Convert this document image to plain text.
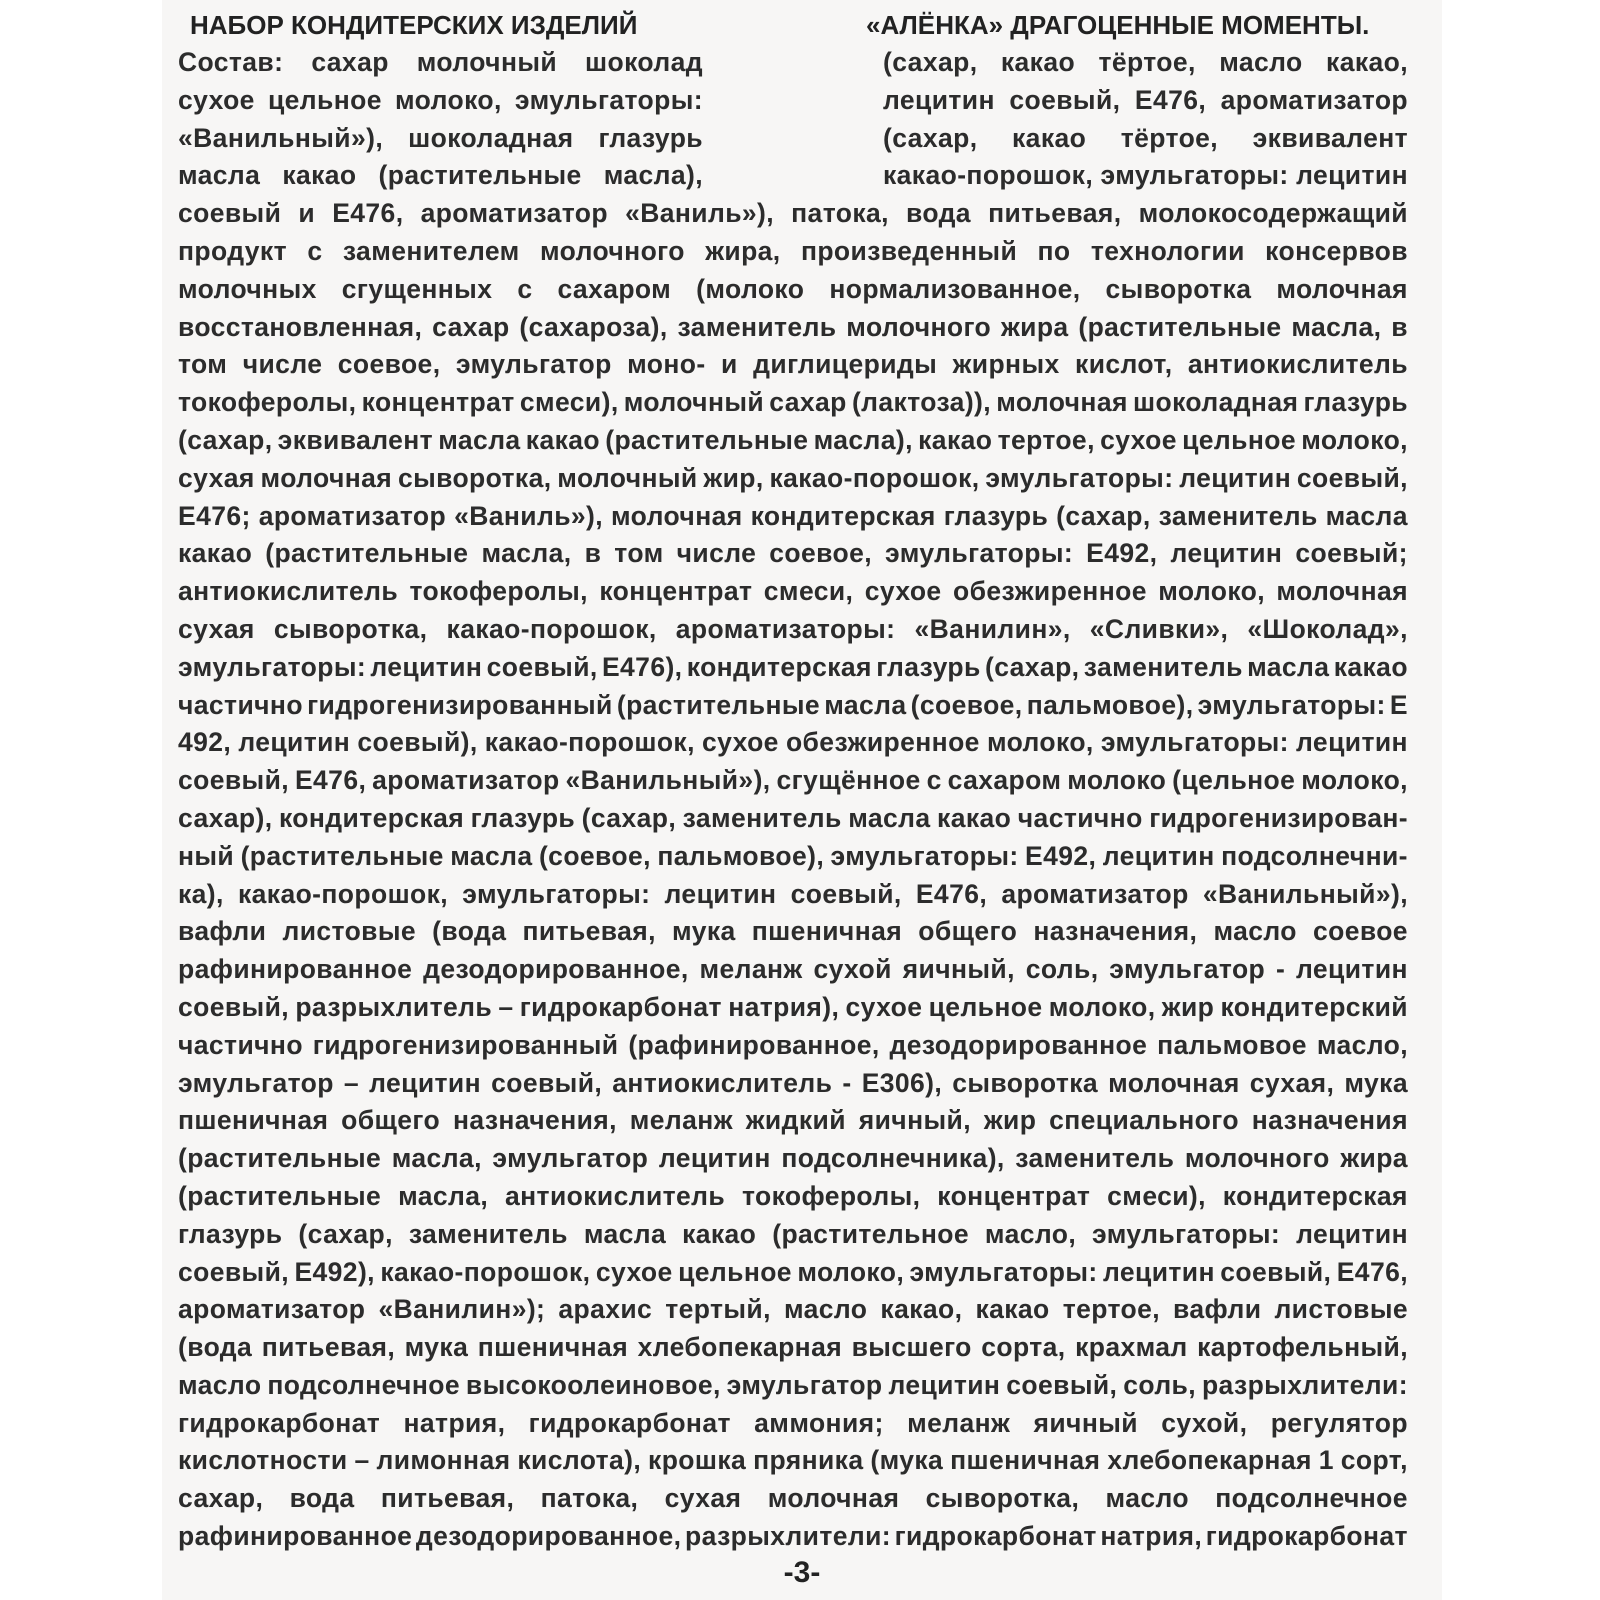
НАБОР КОНДИТЕРСКИХ ИЗДЕЛИЙ	«АЛЁНКА» ДРАГОЦЕННЫЕ МОМЕНТЫ.
Состав: сахар молочный шоколад
сухое цельное молоко, эмульгаторы:
«Ванильный»), шоколадная глазурь
масла какао (растительные масла),
(сахар, какао тёртое, масло какао,
лецитин соевый, Е476, ароматизатор
(сахар, какао тёртое, эквивалент
какао-порошок, эмульгаторы: лецитин
соевый и Е476, ароматизатор «Ваниль»), патока, вода питьевая, молокосодержащий
продукт с заменителем молочного жира, произведенный по технологии консервов
молочных сгущенных с сахаром (молоко нормализованное, сыворотка молочная
восстановленная, сахар (сахароза), заменитель молочного жира (растительные масла, в
том числе соевое, эмульгатор моно- и диглицериды жирных кислот, антиокислитель
токоферолы, концентрат смеси), молочный сахар (лактоза)), молочная шоколадная глазурь
(сахар, эквивалент масла какао (растительные масла), какао тертое, сухое цельное молоко,
сухая молочная сыворотка, молочный жир, какао-порошок, эмульгаторы: лецитин соевый,
Е476; ароматизатор «Ваниль»), молочная кондитерская глазурь (сахар, заменитель масла
какао (растительные масла, в том числе соевое, эмульгаторы: Е492, лецитин соевый;
антиокислитель токоферолы, концентрат смеси, сухое обезжиренное молоко, молочная
сухая сыворотка, какао-порошок, ароматизаторы: «Ванилин», «Сливки», «Шоколад»,
эмульгаторы: лецитин соевый, Е476), кондитерская глазурь (сахар, заменитель масла какао
частично гидрогенизированный (растительные масла (соевое, пальмовое), эмульгаторы: Е
492, лецитин соевый), какао-порошок, сухое обезжиренное молоко, эмульгаторы: лецитин
соевый, Е476, ароматизатор «Ванильный»), сгущённое с сахаром молоко (цельное молоко,
сахар), кондитерская глазурь (сахар, заменитель масла какао частично гидрогенизирован-
ный (растительные масла (соевое, пальмовое), эмульгаторы: Е492, лецитин подсолнечни-
ка), какао-порошок, эмульгаторы: лецитин соевый, Е476, ароматизатор «Ванильный»),
вафли листовые (вода питьевая, мука пшеничная общего назначения, масло соевое
рафинированное дезодорированное, меланж сухой яичный, соль, эмульгатор - лецитин
соевый, разрыхлитель – гидрокарбонат натрия), сухое цельное молоко, жир кондитерский
частично гидрогенизированный (рафинированное, дезодорированное пальмовое масло,
эмульгатор – лецитин соевый, антиокислитель - Е306), сыворотка молочная сухая, мука
пшеничная общего назначения, меланж жидкий яичный, жир специального назначения
(растительные масла, эмульгатор лецитин подсолнечника), заменитель молочного жира
(растительные масла, антиокислитель токоферолы, концентрат смеси), кондитерская
глазурь (сахар, заменитель масла какао (растительное масло, эмульгаторы: лецитин
соевый, Е492), какао-порошок, сухое цельное молоко, эмульгаторы: лецитин соевый, Е476,
ароматизатор «Ванилин»); арахис тертый, масло какао, какао тертое, вафли листовые
(вода питьевая, мука пшеничная хлебопекарная высшего сорта, крахмал картофельный,
масло подсолнечное высокоолеиновое, эмульгатор лецитин соевый, соль, разрыхлители:
гидрокарбонат натрия, гидрокарбонат аммония; меланж яичный сухой, регулятор
кислотности – лимонная кислота), крошка пряника (мука пшеничная хлебопекарная 1 сорт,
сахар, вода питьевая, патока, сухая молочная сыворотка, масло подсолнечное
рафинированное дезодорированное, разрыхлители: гидрокарбонат натрия, гидрокарбонат
-3-
